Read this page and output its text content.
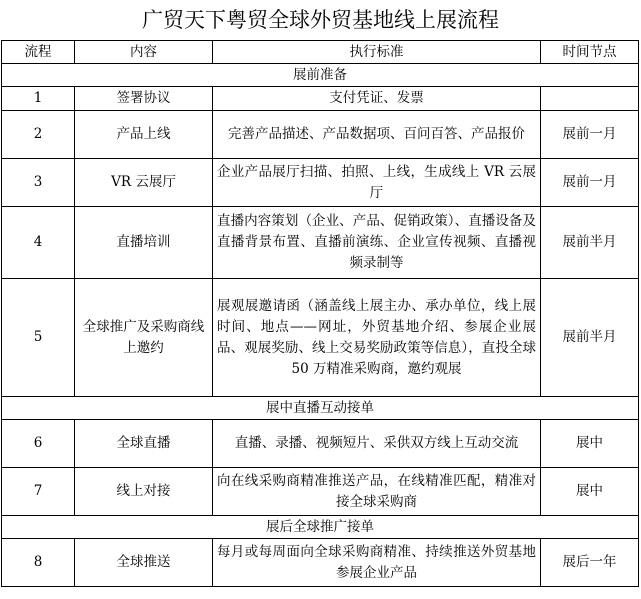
广贸天下粤贸全球外贸基地线上展流程
流程	内容	执行标准	时间节点
展前准备			
1	签署协议	支付凭证、发票	

2	产品上线	完善产品描述、产品数据项、百问百答、产品报价	展前一月
3	VR 云展厅	企业产品展厅扫描、拍照、上线，生成线上 VR 云展厅	展前一月
4	直播培训	直播内容策划（企业、产品、促销政策）、直播设备及直播背景布置、直播前演练、企业宣传视频、直播视频录制等	展前半月
5	全球推广及采购商线上邀约	展观展邀请函（涵盖线上展主办、承办单位，线上展时间、地点——网址，外贸基地介绍、参展企业展品、观展奖励、线上交易奖励政策等信息），直投全球 50 万精准采购商，邀约观展	展前半月
展中直播互动接单			
6	全球直播	直播、录播、视频短片、采供双方线上互动交流	展中
7	线上对接	向在线采购商精准推送产品，在线精准匹配，精准对接全球采购商	展中
展后全球推广接单			
8	全球推送	每月或每周面向全球采购商精准、持续推送外贸基地参展企业产品	展后一年
